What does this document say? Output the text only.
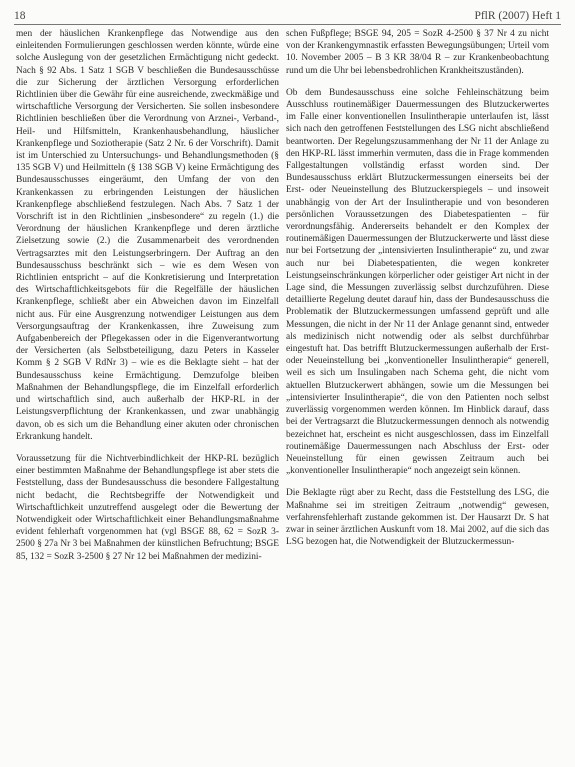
18	PflR (2007) Heft 1

men der häuslichen Krankenpflege das Notwendige aus den einleitenden Formulierungen geschlossen werden könnte, würde eine solche Auslegung von der gesetzlichen Ermächtigung nicht gedeckt. Nach § 92 Abs. 1 Satz 1 SGB V beschließen die Bundesausschüsse die zur Sicherung der ärztlichen Versorgung erforderlichen Richtlinien über die Gewähr für eine ausreichende, zweckmäßige und wirtschaftliche Versorgung der Versicherten. Sie sollen insbesondere Richtlinien beschließen über die Verordnung von Arznei-, Verband-, Heil- und Hilfsmitteln, Krankenhausbehandlung, häuslicher Krankenpflege und Soziotherapie (Satz 2 Nr. 6 der Vorschrift). Damit ist im Unterschied zu Untersuchungs- und Behandlungsmethoden (§ 135 SGB V) und Heilmitteln (§ 138 SGB V) keine Ermächtigung des Bundesausschusses eingeräumt, den Umfang der von den Krankenkassen zu erbringenden Leistungen der häuslichen Krankenpflege abschließend festzulegen. Nach Abs. 7 Satz 1 der Vorschrift ist in den Richtlinien „insbesondere“ zu regeln (1.) die Verordnung der häuslichen Krankenpflege und deren ärztliche Zielsetzung sowie (2.) die Zusammenarbeit des verordnenden Vertragsarztes mit den Leistungserbringern. Der Auftrag an den Bundesausschuss beschränkt sich – wie es dem Wesen von Richtlinien entspricht – auf die Konkretisierung und Interpretation des Wirtschaftlichkeitsgebots für die Regelfälle der häuslichen Krankenpflege, schließt aber ein Abweichen davon im Einzelfall nicht aus. Für eine Ausgrenzung notwendiger Leistungen aus dem Versorgungsauftrag der Krankenkassen, ihre Zuweisung zum Aufgabenbereich der Pflegekassen oder in die Eigenverantwortung der Versicherten (als Selbstbeteiligung, dazu Peters in Kasseler Komm § 2 SGB V RdNr 3) – wie es die Beklagte sieht – hat der Bundesausschuss keine Ermächtigung. Demzufolge bleiben Maßnahmen der Behandlungspflege, die im Einzelfall erforderlich und wirtschaftlich sind, auch außerhalb der HKP-RL in der Leistungsverpflichtung der Krankenkassen, und zwar unabhängig davon, ob es sich um die Behandlung einer akuten oder chronischen Erkrankung handelt.

Voraussetzung für die Nichtverbindlichkeit der HKP-RL bezüglich einer bestimmten Maßnahme der Behandlungspflege ist aber stets die Feststellung, dass der Bundesausschuss die besondere Fallgestaltung nicht bedacht, die Rechtsbegriffe der Notwendigkeit und Wirtschaftlichkeit unzutreffend ausgelegt oder die Bewertung der Notwendigkeit oder Wirtschaftlichkeit einer Behandlungsmaßnahme evident fehlerhaft vorgenommen hat (vgl BSGE 88, 62 = SozR 3-2500 § 27a Nr 3 bei Maßnahmen der künstlichen Befruchtung; BSGE 85, 132 = SozR 3-2500 § 27 Nr 12 bei Maßnahmen der medizini-

schen Fußpflege; BSGE 94, 205 = SozR 4-2500 § 37 Nr 4 zu nicht von der Krankengymnastik erfassten Bewegungsübungen; Urteil vom 10. November 2005 – B 3 KR 38/04 R – zur Krankenbeobachtung rund um die Uhr bei lebensbedrohlichen Krankheitszuständen).

Ob dem Bundesausschuss eine solche Fehleinschätzung beim Ausschluss routinemäßiger Dauermessungen des Blutzuckerwertes im Falle einer konventionellen Insulintherapie unterlaufen ist, lässt sich nach den getroffenen Feststellungen des LSG nicht abschließend beantworten. Der Regelungszusammenhang der Nr 11 der Anlage zu den HKP-RL lässt immerhin vermuten, dass die in Frage kommenden Fallgestaltungen vollständig erfasst worden sind. Der Bundesausschuss erklärt Blutzuckermessungen einerseits bei der Erst- oder Neueinstellung des Blutzuckerspiegels – und insoweit unabhängig von der Art der Insulintherapie und von besonderen persönlichen Voraussetzungen des Diabetespatienten – für verordnungsfähig. Andererseits behandelt er den Komplex der routinemäßigen Dauermessungen der Blutzuckerwerte und lässt diese nur bei Fortsetzung der „intensivierten Insulintherapie“ zu, und zwar auch nur bei Diabetespatienten, die wegen konkreter Leistungseinschränkungen körperlicher oder geistiger Art nicht in der Lage sind, die Messungen zuverlässig selbst durchzuführen. Diese detaillierte Regelung deutet darauf hin, dass der Bundesausschuss die Problematik der Blutzuckermessungen umfassend geprüft und alle Messungen, die nicht in der Nr 11 der Anlage genannt sind, entweder als medizinisch nicht notwendig oder als selbst durchführbar eingestuft hat. Das betrifft Blutzuckermessungen außerhalb der Erst- oder Neueinstellung bei „konventioneller Insulintherapie“ generell, weil es sich um Insulingaben nach Schema geht, die nicht vom aktuellen Blutzuckerwert abhängen, sowie um die Messungen bei „intensivierter Insulintherapie“, die von den Patienten noch selbst zuverlässig vorgenommen werden können. Im Hinblick darauf, dass bei der Vertragsarzt die Blutzuckermessungen dennoch als notwendig bezeichnet hat, erscheint es nicht ausgeschlossen, dass im Einzelfall routinemäßige Dauermessungen nach Abschluss der Erst- oder Neueinstellung für einen gewissen Zeitraum auch bei „konventioneller Insulintherapie“ noch angezeigt sein können.

Die Beklagte rügt aber zu Recht, dass die Feststellung des LSG, die Maßnahme sei im streitigen Zeitraum „notwendig“ gewesen, verfahrensfehlerhaft zustande gekommen ist. Der Hausarzt Dr. S hat zwar in seiner ärztlichen Auskunft vom 18. Mai 2002, auf die sich das LSG bezogen hat, die Notwendigkeit der Blutzuckermessun-
